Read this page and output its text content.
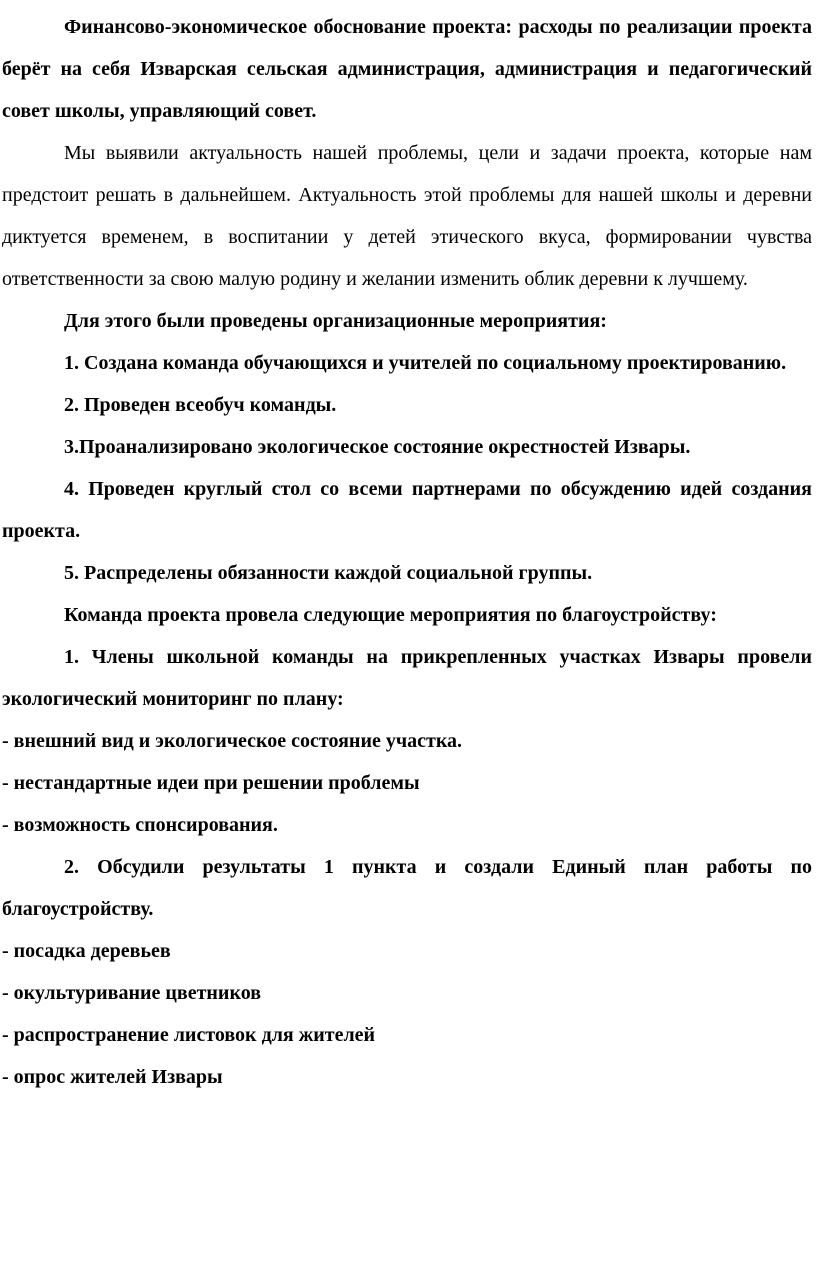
Финансово-экономическое обоснование проекта: расходы по реализации проекта берёт на себя Изварская сельская администрация, администрация и педагогический совет школы, управляющий совет.

Мы выявили актуальность нашей проблемы, цели и задачи проекта, которые нам предстоит решать в дальнейшем. Актуальность этой проблемы для нашей школы и деревни диктуется временем, в воспитании у детей этического вкуса, формировании чувства ответственности за свою малую родину и желании изменить облик деревни к лучшему.

Для этого были проведены организационные мероприятия:

1. Создана команда обучающихся и учителей по социальному проектированию.

2. Проведен всеобуч команды.

3.Проанализировано экологическое состояние окрестностей Извары.

4. Проведен круглый стол со всеми партнерами по обсуждению идей создания проекта.

5. Распределены обязанности каждой социальной группы.

Команда проекта провела следующие мероприятия по благоустройству:

1. Члены школьной команды на прикрепленных участках Извары провели экологический мониторинг по плану:

- внешний вид и экологическое состояние участка.

- нестандартные идеи при решении проблемы

- возможность спонсирования.

2. Обсудили результаты 1 пункта и создали Единый план работы по благоустройству.

- посадка деревьев

- окультуривание цветников

- распространение листовок для жителей

- опрос жителей Извары
